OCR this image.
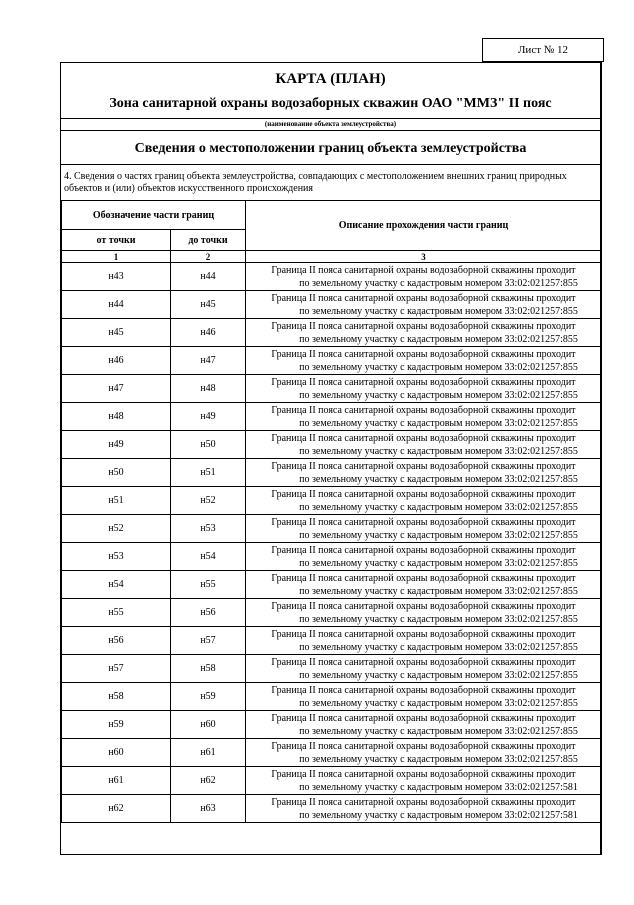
Лист № 12
КАРТА (ПЛАН)
Зона санитарной охраны водозаборных скважин ОАО "ММЗ" II пояс
(наименование объекта землеустройства)
Сведения о местоположении границ объекта землеустройства
4. Сведения о частях границ объекта землеустройства, совпадающих с местоположением внешних границ природных объектов и (или) объектов искусственного происхождения
Обозначение части границ		Описание прохождения части границ
от точки	до точки	
1	2	3
н43	н44	Граница II пояса санитарной охраны водозаборной скважины проходит
по земельному участку с кадастровым номером 33:02:021257:855

н44	н45	Граница II пояса санитарной охраны водозаборной скважины проходит
по земельному участку с кадастровым номером 33:02:021257:855

н45	н46	Граница II пояса санитарной охраны водозаборной скважины проходит
по земельному участку с кадастровым номером 33:02:021257:855

н46	н47	Граница II пояса санитарной охраны водозаборной скважины проходит
по земельному участку с кадастровым номером 33:02:021257:855

н47	н48	Граница II пояса санитарной охраны водозаборной скважины проходит
по земельному участку с кадастровым номером 33:02:021257:855

н48	н49	Граница II пояса санитарной охраны водозаборной скважины проходит
по земельному участку с кадастровым номером 33:02:021257:855

н49	н50	Граница II пояса санитарной охраны водозаборной скважины проходит
по земельному участку с кадастровым номером 33:02:021257:855

н50	н51	Граница II пояса санитарной охраны водозаборной скважины проходит
по земельному участку с кадастровым номером 33:02:021257:855

н51	н52	Граница II пояса санитарной охраны водозаборной скважины проходит
по земельному участку с кадастровым номером 33:02:021257:855

н52	н53	Граница II пояса санитарной охраны водозаборной скважины проходит
по земельному участку с кадастровым номером 33:02:021257:855

н53	н54	Граница II пояса санитарной охраны водозаборной скважины проходит
по земельному участку с кадастровым номером 33:02:021257:855

н54	н55	Граница II пояса санитарной охраны водозаборной скважины проходит
по земельному участку с кадастровым номером 33:02:021257:855

н55	н56	Граница II пояса санитарной охраны водозаборной скважины проходит
по земельному участку с кадастровым номером 33:02:021257:855

н56	н57	Граница II пояса санитарной охраны водозаборной скважины проходит
по земельному участку с кадастровым номером 33:02:021257:855

н57	н58	Граница II пояса санитарной охраны водозаборной скважины проходит
по земельному участку с кадастровым номером 33:02:021257:855

н58	н59	Граница II пояса санитарной охраны водозаборной скважины проходит
по земельному участку с кадастровым номером 33:02:021257:855

н59	н60	Граница II пояса санитарной охраны водозаборной скважины проходит
по земельному участку с кадастровым номером 33:02:021257:855

н60	н61	Граница II пояса санитарной охраны водозаборной скважины проходит
по земельному участку с кадастровым номером 33:02:021257:855

н61	н62	Граница II пояса санитарной охраны водозаборной скважины проходит
по земельному участку с кадастровым номером 33:02:021257:581

н62	н63	Граница II пояса санитарной охраны водозаборной скважины проходит
по земельному участку с кадастровым номером 33:02:021257:581
